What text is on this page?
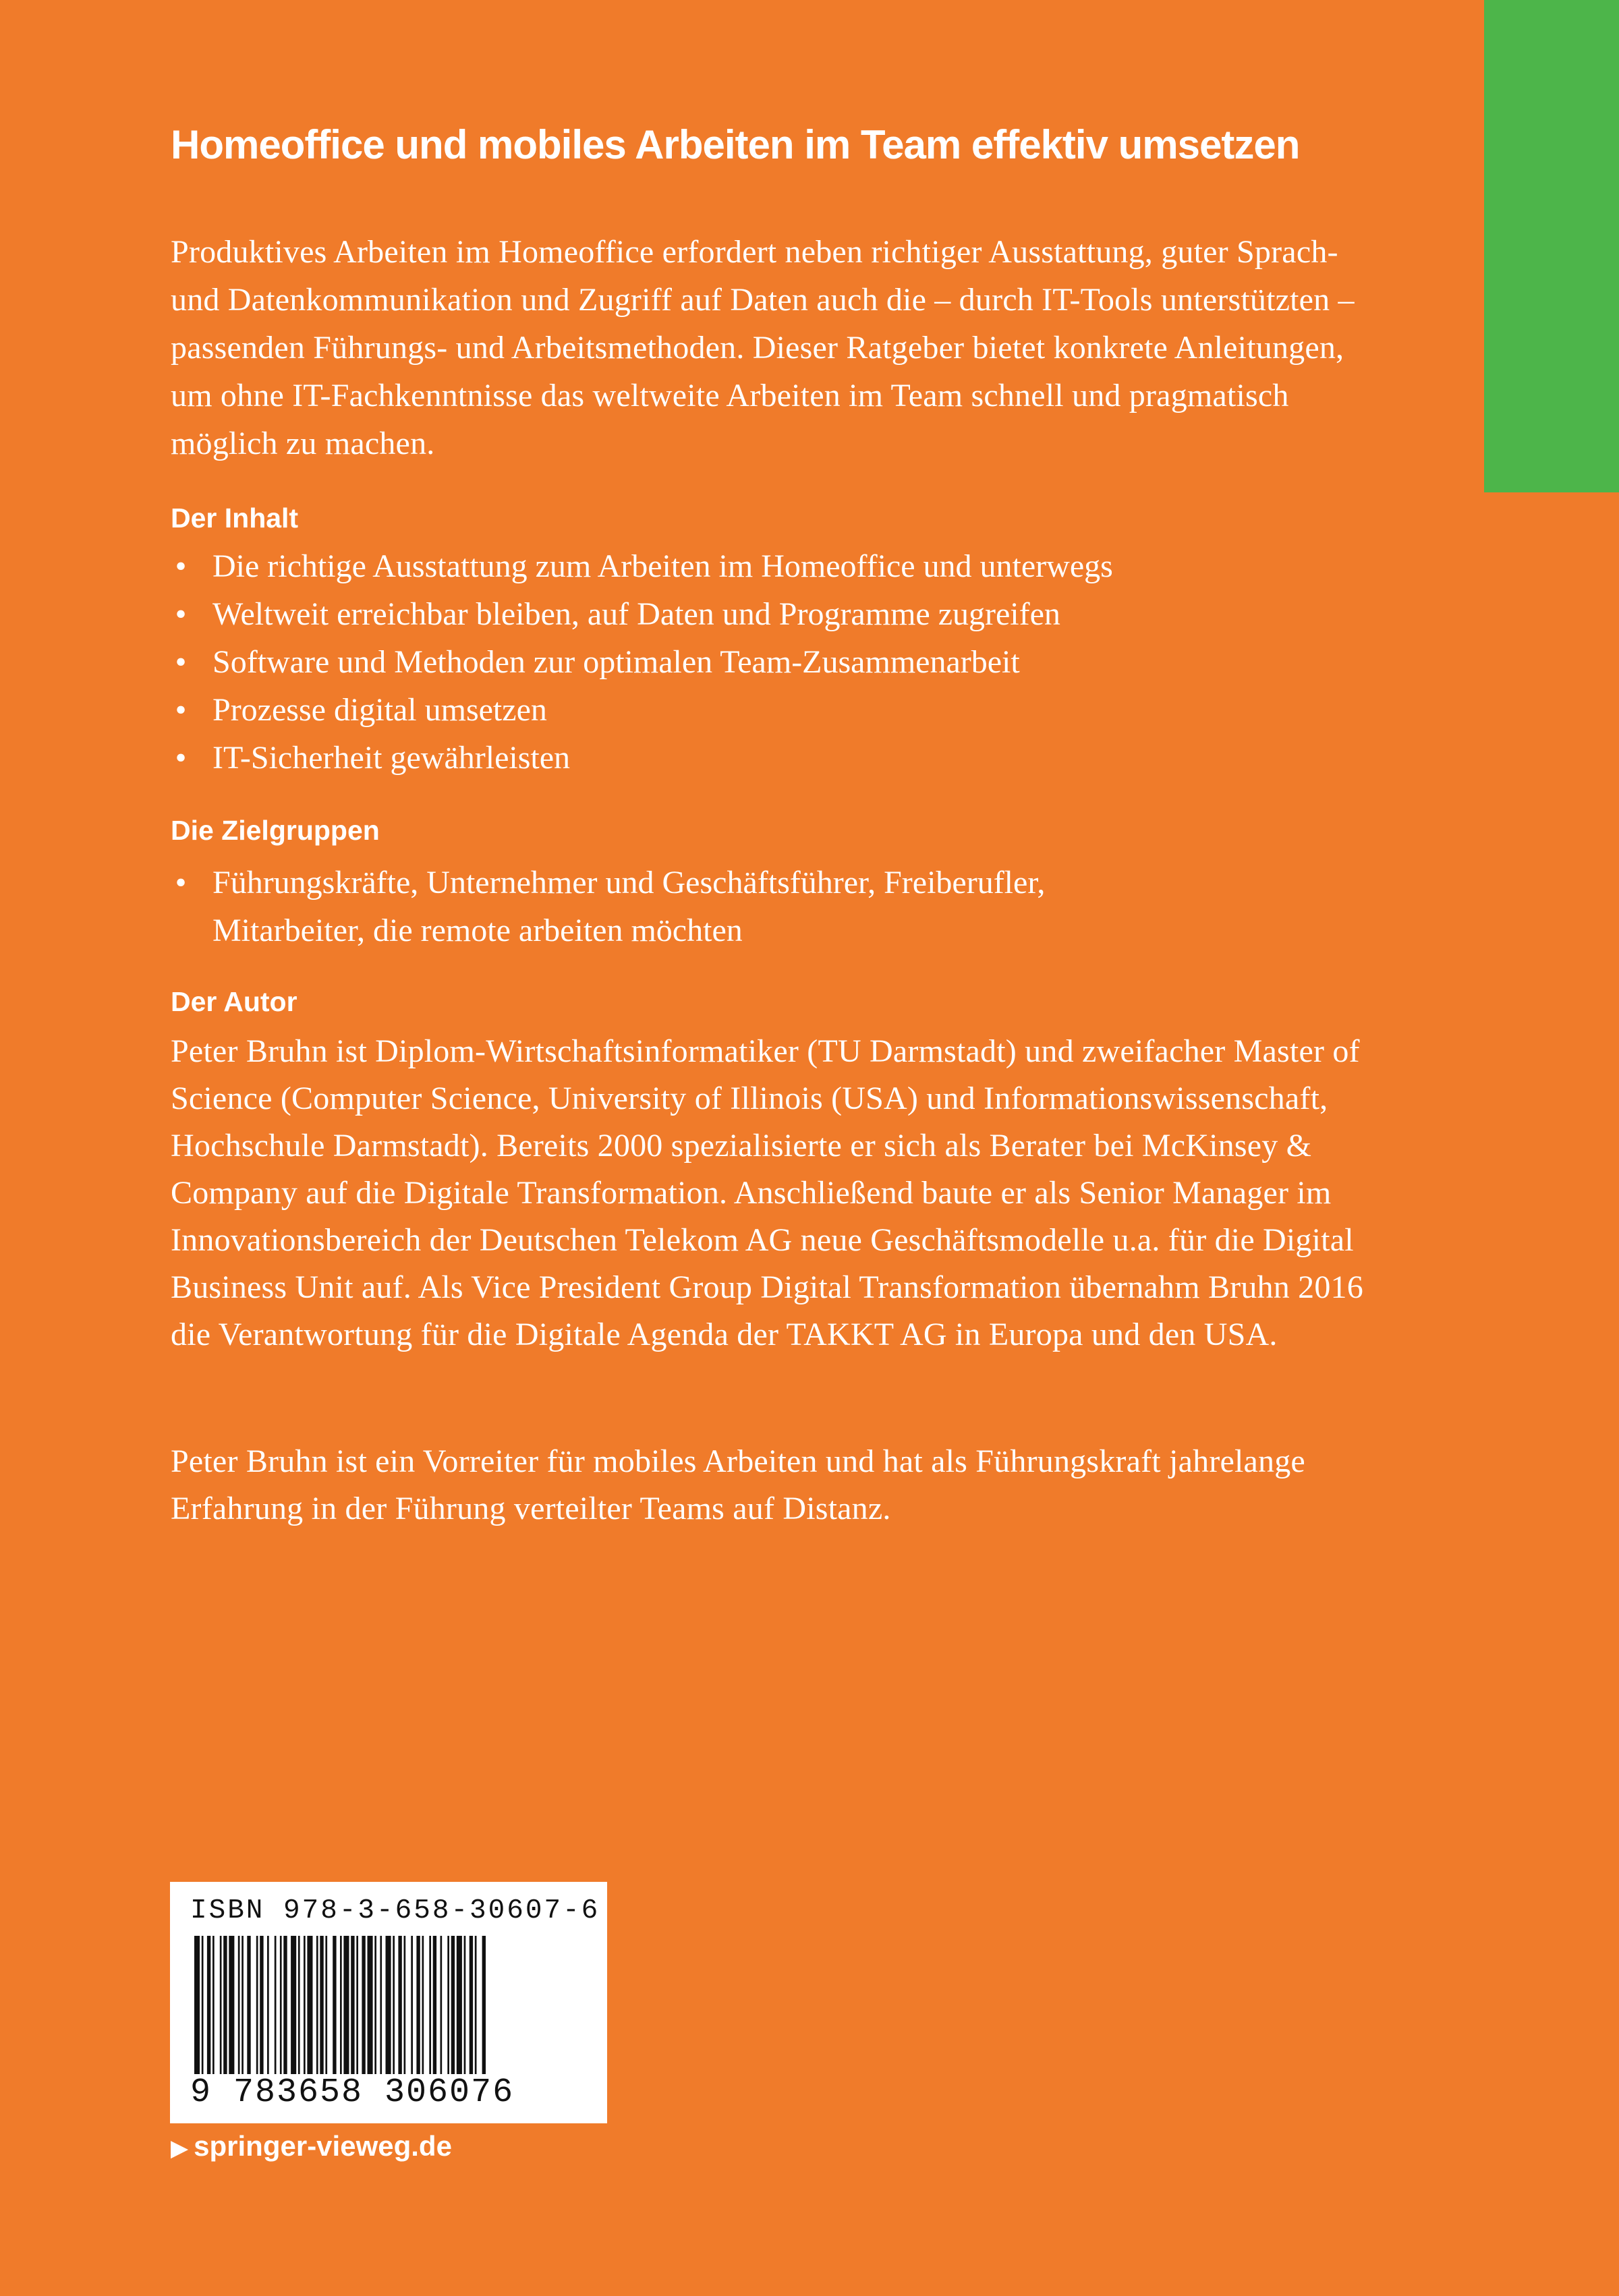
Homeoffice und mobiles Arbeiten im Team effektiv umsetzen

Produktives Arbeiten im Homeoffice erfordert neben richtiger Ausstattung, guter Sprach- und Datenkommunikation und Zugriff auf Daten auch die – durch IT-Tools unterstützten – passenden Führungs- und Arbeitsmethoden. Dieser Ratgeber bietet konkrete Anleitungen, um ohne IT-Fachkenntnisse das weltweite Arbeiten im Team schnell und pragmatisch möglich zu machen.

Der Inhalt
• Die richtige Ausstattung zum Arbeiten im Homeoffice und unterwegs
• Weltweit erreichbar bleiben, auf Daten und Programme zugreifen
• Software und Methoden zur optimalen Team-Zusammenarbeit
• Prozesse digital umsetzen
• IT-Sicherheit gewährleisten
Die Zielgruppen
• Führungskräfte, Unternehmer und Geschäftsführer, Freiberufler,
Mitarbeiter, die remote arbeiten möchten
Der Autor

Peter Bruhn ist Diplom-Wirtschaftsinformatiker (TU Darmstadt) und zweifacher Master of Science (Computer Science, University of Illinois (USA) und Informationswissenschaft, Hochschule Darmstadt). Bereits 2000 spezialisierte er sich als Berater bei McKinsey & Company auf die Digitale Transformation. Anschließend baute er als Senior Manager im Innovationsbereich der Deutschen Telekom AG neue Geschäftsmodelle u.a. für die Digital Business Unit auf. Als Vice President Group Digital Transformation übernahm Bruhn 2016 die Verantwortung für die Digitale Agenda der TAKKT AG in Europa und den USA.

Peter Bruhn ist ein Vorreiter für mobiles Arbeiten und hat als Führungskraft jahrelange Erfahrung in der Führung verteilter Teams auf Distanz.

ISBN 978-3-658-30607-6
9 783658 306076
▶ springer-vieweg.de
